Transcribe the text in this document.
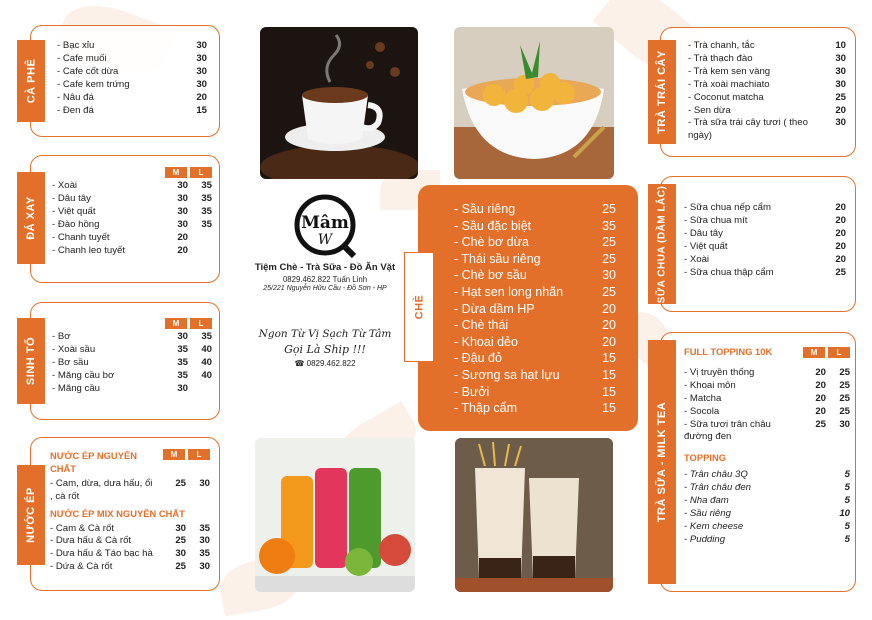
CÀ PHÊ
- Bạc xỉu	30
- Cafe muối	30
- Cafe cốt dừa	30
- Cafe kem trứng	30
- Nâu đá	20
- Đen đá	15
ĐÁ XAY
M	L
- Xoài	30	35
- Dâu tây	30	35
- Việt quất	30	35
- Đào hồng	30	35
- Chanh tuyết	20
- Chanh leo tuyết	20
SINH TỐ
M	L
- Bơ	30	35
- Xoài sầu	35	40
- Bơ sầu	35	40
- Măng cầu bơ	35	40
- Măng cầu	30
NƯỚC ÉP
M	L
NƯỚC ÉP NGUYÊN CHẤT
- Cam, dừa, dưa hấu, ổi , cà rốt
25	30
NƯỚC ÉP MIX NGUYÊN CHẤT
- Cam & Cà rốt	30	35
- Dưa hấu & Cà rốt	25	30
- Dưa hấu & Táo bạc hà	30	35
- Dứa & Cà rốt	25	30
Mâm
W
Tiệm Chè - Trà Sữa - Đồ Ăn Vặt
0829.462.822 Tuấn Linh
25/221 Nguyễn Hữu Cầu - Đồ Sơn - HP
Ngon Từ Vị Sạch Từ Tâm
Gọi Là Ship !!!
☎ 0829.462.822
- Sầu riêng	25
- Sầu đặc biệt	35
- Chè bơ dừa	25
- Thái sầu riêng	25
- Chè bơ sầu	30
- Hạt sen long nhãn	25
- Dừa dầm HP	20
- Chè thái	20
- Khoai dẻo	20
- Đậu đỏ	15
- Sương sa hạt lựu	15
- Bưởi	15
- Thập cẩm	15
CHÈ
TRÀ TRÁI CÂY
- Trà chanh, tắc	10
- Trà thạch đào	30
- Trà kem sen vàng	30
- Trà xoài machiato	30
- Coconut matcha	25
- Sen dừa	20
- Trà sữa trái cây tươi ( theo ngày)
30
SỮA CHUA (DẦM LẮC) - Sữa chua nếp cẩm	20
- Sữa chua mít	20
- Dâu tây	20
- Việt quất	20
- Xoài	20
- Sữa chua thập cẩm	25
TRÀ SỮA - MILK TEA
FULL TOPPING 10K	M	L
- Vị truyền thống	20	25
- Khoai môn	20	25
- Matcha	20	25
- Socola	20	25
- Sữa tươi trân châu đường đen
25	30
TOPPING
- Trân châu 3Q	5
- Trân châu đen	5
- Nha đam	5
- Sầu riêng	10
- Kem cheese	5
- Pudding	5
